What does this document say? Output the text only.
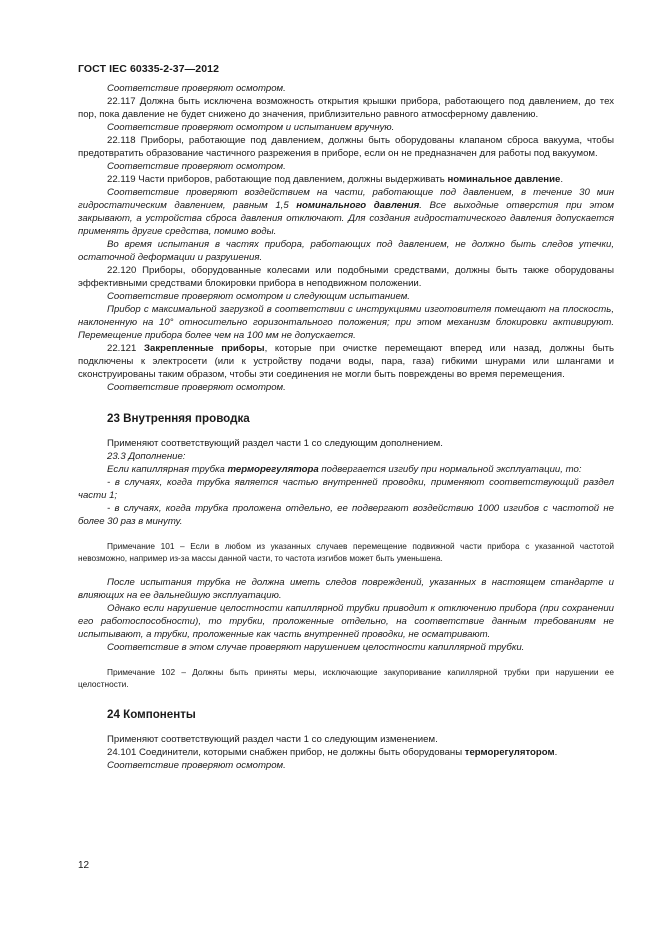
ГОСТ IEC 60335-2-37—2012

Соответствие проверяют осмотром.

22.117 Должна быть исключена возможность открытия крышки прибора, работающего под давлением, до тех пор, пока давление не будет снижено до значения, приблизительно равного атмосферному давлению.

Соответствие проверяют осмотром и испытанием вручную.

22.118 Приборы, работающие под давлением, должны быть оборудованы клапаном сброса вакуума, чтобы предотвратить образование частичного разрежения в приборе, если он не предназначен для работы под вакуумом.

Соответствие проверяют осмотром.

22.119 Части приборов, работающие под давлением, должны выдерживать номинальное давление.

Соответствие проверяют воздействием на части, работающие под давлением, в течение 30 мин гидростатическим давлением, равным 1,5 номинального давления. Все выходные отверстия при этом закрывают, а устройства сброса давления отключают. Для создания гидростатического давления допускается применять другие средства, помимо воды.

Во время испытания в частях прибора, работающих под давлением, не должно быть следов утечки, остаточной деформации и разрушения.

22.120 Приборы, оборудованные колесами или подобными средствами, должны быть также оборудованы эффективными средствами блокировки прибора в неподвижном положении.

Соответствие проверяют осмотром и следующим испытанием.

Прибор с максимальной загрузкой в соответствии с инструкциями изготовителя помещают на плоскость, наклоненную на 10° относительно горизонтального положения; при этом механизм блокировки активируют. Перемещение прибора более чем на 100 мм не допускается.

22.121 Закрепленные приборы, которые при очистке перемещают вперед или назад, должны быть подключены к электросети (или к устройству подачи воды, пара, газа) гибкими шнурами или шлангами и сконструированы таким образом, чтобы эти соединения не могли быть повреждены во время перемещения.

Соответствие проверяют осмотром.

23 Внутренняя проводка

Применяют соответствующий раздел части 1 со следующим дополнением.

23.3 Дополнение:

Если капиллярная трубка терморегулятора подвергается изгибу при нормальной эксплуатации, то:

- в случаях, когда трубка является частью внутренней проводки, применяют соответствующий раздел части 1;

- в случаях, когда трубка проложена отдельно, ее подвергают воздействию 1000 изгибов с частотой не более 30 раз в минуту.

Примечание 101 – Если в любом из указанных случаев перемещение подвижной части прибора с указанной частотой невозможно, например из-за массы данной части, то частота изгибов может быть уменьшена.

После испытания трубка не должна иметь следов повреждений, указанных в настоящем стандарте и влияющих на ее дальнейшую эксплуатацию.

Однако если нарушение целостности капиллярной трубки приводит к отключению прибора (при сохранении его работоспособности), то трубки, проложенные отдельно, на соответствие данным требованиям не испытывают, а трубки, проложенные как часть внутренней проводки, не осматривают.

Соответствие в этом случае проверяют нарушением целостности капиллярной трубки.

Примечание 102 – Должны быть приняты меры, исключающие закупоривание капиллярной трубки при нарушении ее целостности.

24 Компоненты

Применяют соответствующий раздел части 1 со следующим изменением.

24.101 Соединители, которыми снабжен прибор, не должны быть оборудованы терморегулятором.

Соответствие проверяют осмотром.

12
